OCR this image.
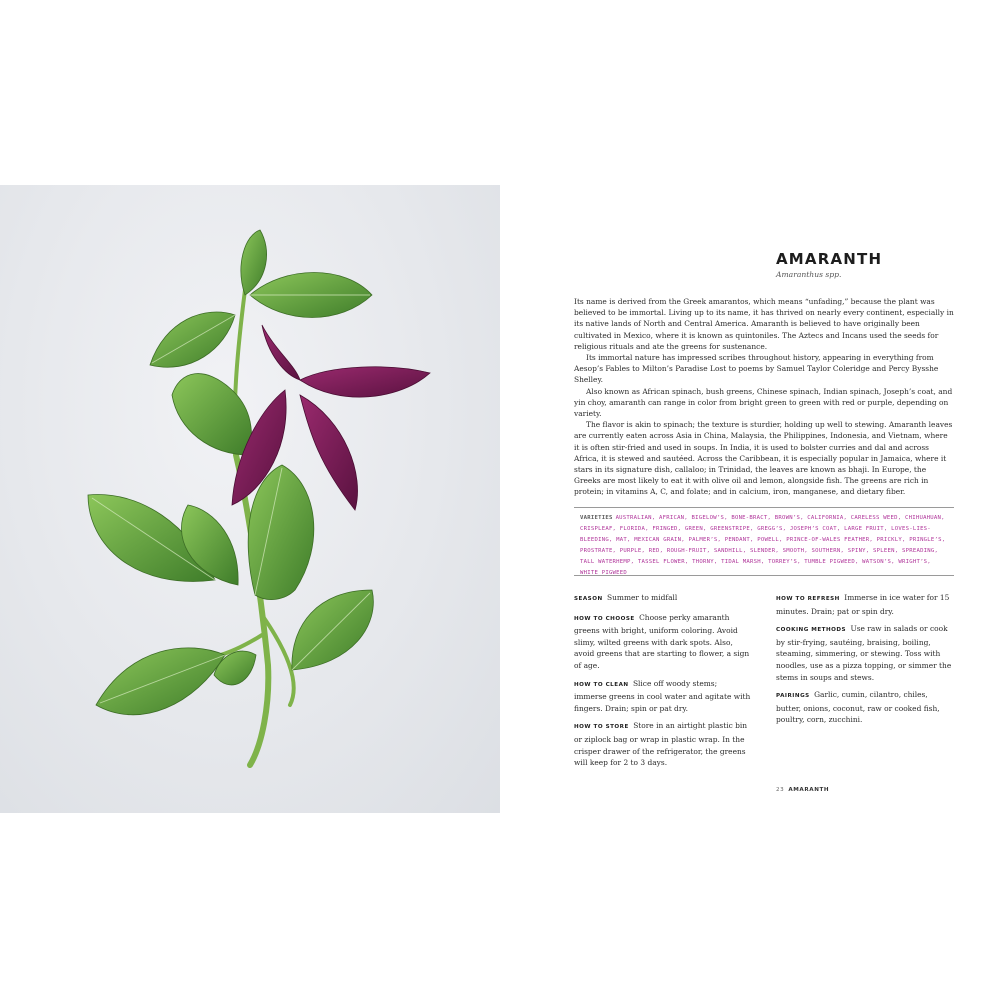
AMARANTH
Amaranthus spp.

Its name is derived from the Greek amarantos, which means “unfading,” because the plant was believed to be immortal. Living up to its name, it has thrived on nearly every continent, especially in its native lands of North and Central America. Amaranth is believed to have originally been cultivated in Mexico, where it is known as quintoniles. The Aztecs and Incans used the seeds for religious rituals and ate the greens for sustenance.

Its immortal nature has impressed scribes throughout history, appearing in everything from Aesop’s Fables to Milton’s Paradise Lost to poems by Samuel Taylor Coleridge and Percy Bysshe Shelley.

Also known as African spinach, bush greens, Chinese spinach, Indian spinach, Joseph’s coat, and yin choy, amaranth can range in color from bright green to green with red or purple, depending on variety.

The flavor is akin to spinach; the texture is sturdier, holding up well to stewing. Amaranth leaves are currently eaten across Asia in China, Malaysia, the Philippines, Indonesia, and Vietnam, where it is often stir-fried and used in soups. In India, it is used to bolster curries and dal and across Africa, it is stewed and sautéed. Across the Caribbean, it is especially popular in Jamaica, where it stars in its signature dish, callaloo; in Trinidad, the leaves are known as bhaji. In Europe, the Greeks are most likely to eat it with olive oil and lemon, alongside fish. The greens are rich in protein; in vitamins A, C, and folate; and in calcium, iron, manganese, and dietary fiber.

VARIETIES AUSTRALIAN, AFRICAN, BIGELOW’S, BONE-BRACT, BROWN’S, CALIFORNIA, CARELESS WEED, CHIHUAHUAN, CRISPLEAF, FLORIDA, FRINGED, GREEN, GREENSTRIPE, GREGG’S, JOSEPH’S COAT, LARGE FRUIT, LOVES-LIES-BLEEDING, MAT, MEXICAN GRAIN, PALMER’S, PENDANT, POWELL, PRINCE-OF-WALES FEATHER, PRICKLY, PRINGLE’S, PROSTRATE, PURPLE, RED, ROUGH-FRUIT, SANDHILL, SLENDER, SMOOTH, SOUTHERN, SPINY, SPLEEN, SPREADING, TALL WATERHEMP, TASSEL FLOWER, THORNY, TIDAL MARSH, TORREY’S, TUMBLE PIGWEED, WATSON’S, WRIGHT’S, WHITE PIGWEED
SEASON Summer to midfall
HOW TO CHOOSE Choose perky amaranth greens with bright, uniform coloring. Avoid slimy, wilted greens with dark spots. Also, avoid greens that are starting to flower, a sign of age.
HOW TO CLEAN Slice off woody stems; immerse greens in cool water and agitate with fingers. Drain; spin or pat dry.
HOW TO STORE Store in an airtight plastic bin or ziplock bag or wrap in plastic wrap. In the crisper drawer of the refrigerator, the greens will keep for 2 to 3 days.
HOW TO REFRESH Immerse in ice water for 15 minutes. Drain; pat or spin dry.
COOKING METHODS Use raw in salads or cook by stir-frying, sautéing, braising, boiling, steaming, simmering, or stewing. Toss with noodles, use as a pizza topping, or simmer the stems in soups and stews.
PAIRINGS Garlic, cumin, cilantro, chiles, butter, onions, coconut, raw or cooked fish, poultry, corn, zucchini.
23 AMARANTH
